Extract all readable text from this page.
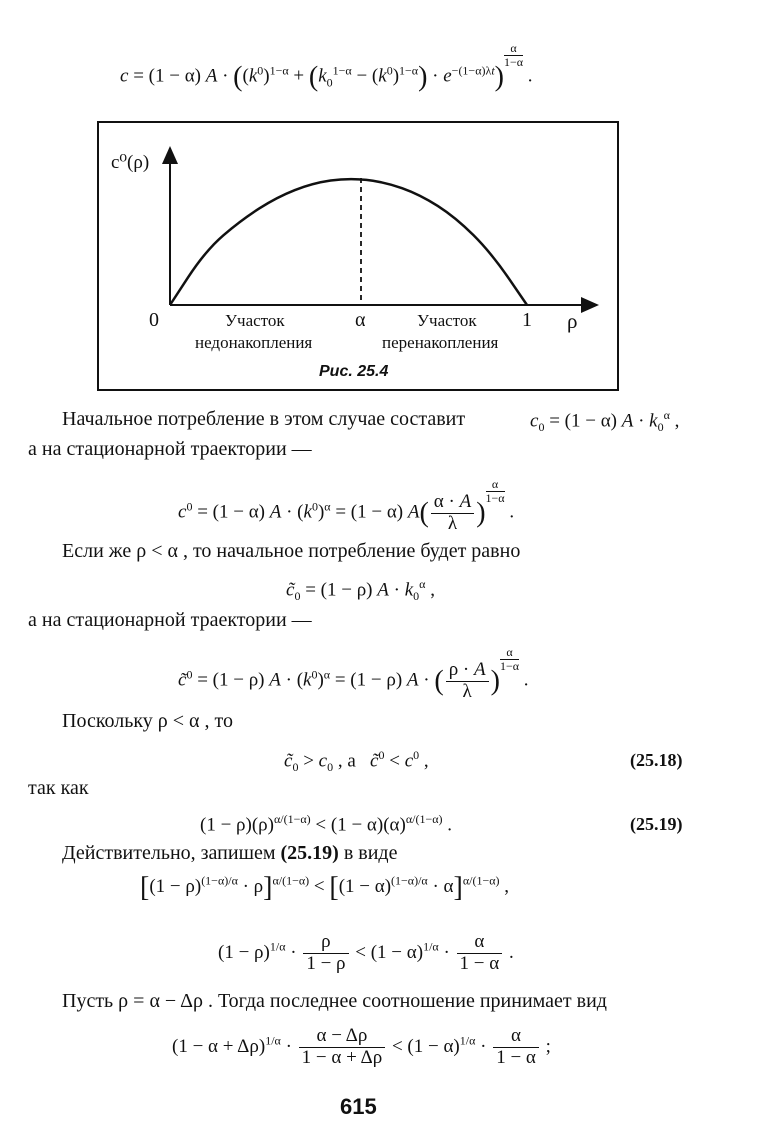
c = (1 − α) $A \cdot ((k^0)^{1-\alpha} + (k_0^{1-\alpha} - (k^0)^{1-\alpha}) \cdot e^{-(1-\alpha)\lambda t})$
$\frac{\alpha}{1-\alpha}$
.
c⁰(ρ)
0	α	1 ρ
Участок
недонакопления
Участок
перенакопления
Рис. 25.4
Начальное потребление в этом случае составит	$c_0 = (1 - \alpha) A \cdot k_0^\alpha$ ,
а на стационарной траектории —
$c^0 = (1 - \alpha) A \cdot (k^0)^\alpha = (1 - \alpha)$ $A( \frac{\alpha \cdot A}{\lambda}$ )
$\frac{\alpha}{1-\alpha}$
.
Если же ρ < α , то начальное потребление будет равно
$c̃_0 = (1 - \rho) A \cdot k_0^\alpha$ ,
а на стационарной траектории —
c̃$^0$ = (1 − ρ) $A \cdot (k^0)^\alpha = (1 - \rho) A$ · ( $\frac{\rho \cdot A}{\lambda}$ )
$\frac{\alpha}{1-\alpha}$
.
Поскольку ρ < α , то
$c̃_0 > c_0$ , а   c̃$^0$ < $c^0$ ,	(25.18)
так как
$(1 - \rho)(\rho)^{\alpha/(1-\alpha)} < (1 - \alpha)(\alpha)^{\alpha/(1-\alpha)}$ .	(25.19)
Действительно, запишем (25.19) в виде
$[(1 - \rho)^{(1-\alpha)/\alpha} \cdot \rho]^{\alpha/(1-\alpha)} < [(1 - \alpha)^{(1-\alpha)/\alpha} \cdot \alpha]^{\alpha/(1-\alpha)}$ ,
$(1 - \rho)^{1/\alpha} \cdot \frac{\rho}{1 - \rho} < (1 - \alpha)^{1/\alpha} \cdot \frac{\alpha}{1 - \alpha}$ .
Пусть ρ = α − Δρ . Тогда последнее соотношение принимает вид
$(1 - \alpha + \Delta\rho)^{1/\alpha} \cdot \frac{\alpha - \Delta\rho}{1 - \alpha + \Delta\rho} < (1 - \alpha)^{1/\alpha} \cdot \frac{\alpha}{1 - \alpha}$ ;
615
